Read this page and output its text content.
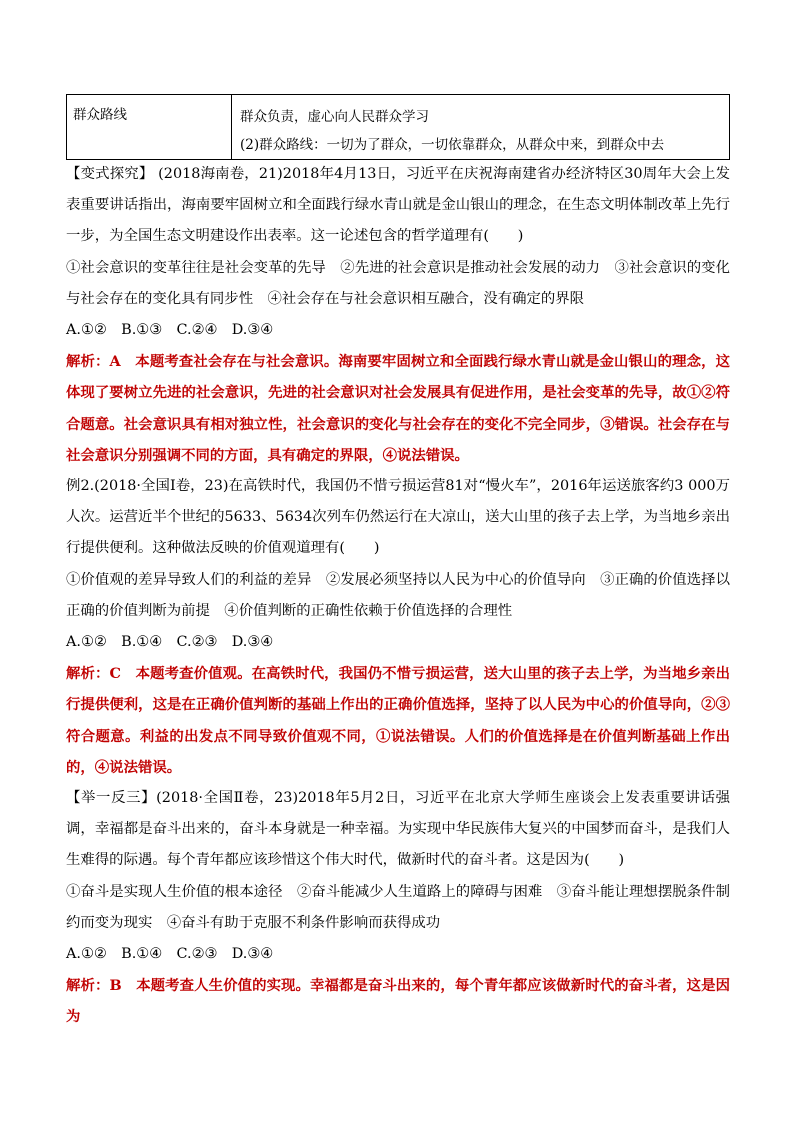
群众路线	群众负责，虚心向人民群众学习
(2)群众路线：一切为了群众，一切依靠群众，从群众中来，到群众中去

【变式探究】 (2018海南卷，21)2018年4月13日，习近平在庆祝海南建省办经济特区30周年大会上发表重要讲话指出，海南要牢固树立和全面践行绿水青山就是金山银山的理念，在生态文明体制改革上先行一步，为全国生态文明建设作出表率。这一论述包含的哲学道理有(　　)

①社会意识的变革往往是社会变革的先导　②先进的社会意识是推动社会发展的动力　③社会意识的变化与社会存在的变化具有同步性　④社会存在与社会意识相互融合，没有确定的界限

A.①②　B.①③　C.②④　D.③④

解析：A　本题考查社会存在与社会意识。海南要牢固树立和全面践行绿水青山就是金山银山的理念，这体现了要树立先进的社会意识，先进的社会意识对社会发展具有促进作用，是社会变革的先导，故①②符合题意。社会意识具有相对独立性，社会意识的变化与社会存在的变化不完全同步，③错误。社会存在与社会意识分别强调不同的方面，具有确定的界限，④说法错误。

例2.(2018·全国Ⅰ卷，23)在高铁时代，我国仍不惜亏损运营81对“慢火车”，2016年运送旅客约3 000万人次。运营近半个世纪的5633、5634次列车仍然运行在大凉山，送大山里的孩子去上学，为当地乡亲出行提供便利。这种做法反映的价值观道理有(　　)

①价值观的差异导致人们的利益的差异　②发展必须坚持以人民为中心的价值导向　③正确的价值选择以正确的价值判断为前提　④价值判断的正确性依赖于价值选择的合理性

A.①②　B.①④　C.②③　D.③④

解析：C　本题考查价值观。在高铁时代，我国仍不惜亏损运营，送大山里的孩子去上学，为当地乡亲出行提供便利，这是在正确价值判断的基础上作出的正确价值选择，坚持了以人民为中心的价值导向，②③符合题意。利益的出发点不同导致价值观不同，①说法错误。人们的价值选择是在价值判断基础上作出的，④说法错误。

【举一反三】(2018·全国Ⅱ卷，23)2018年5月2日，习近平在北京大学师生座谈会上发表重要讲话强调，幸福都是奋斗出来的，奋斗本身就是一种幸福。为实现中华民族伟大复兴的中国梦而奋斗，是我们人生难得的际遇。每个青年都应该珍惜这个伟大时代，做新时代的奋斗者。这是因为(　　)

①奋斗是实现人生价值的根本途径　②奋斗能减少人生道路上的障碍与困难　③奋斗能让理想摆脱条件制约而变为现实　④奋斗有助于克服不利条件影响而获得成功

A.①②　B.①④　C.②③　D.③④

解析：B　本题考查人生价值的实现。幸福都是奋斗出来的，每个青年都应该做新时代的奋斗者，这是因为
